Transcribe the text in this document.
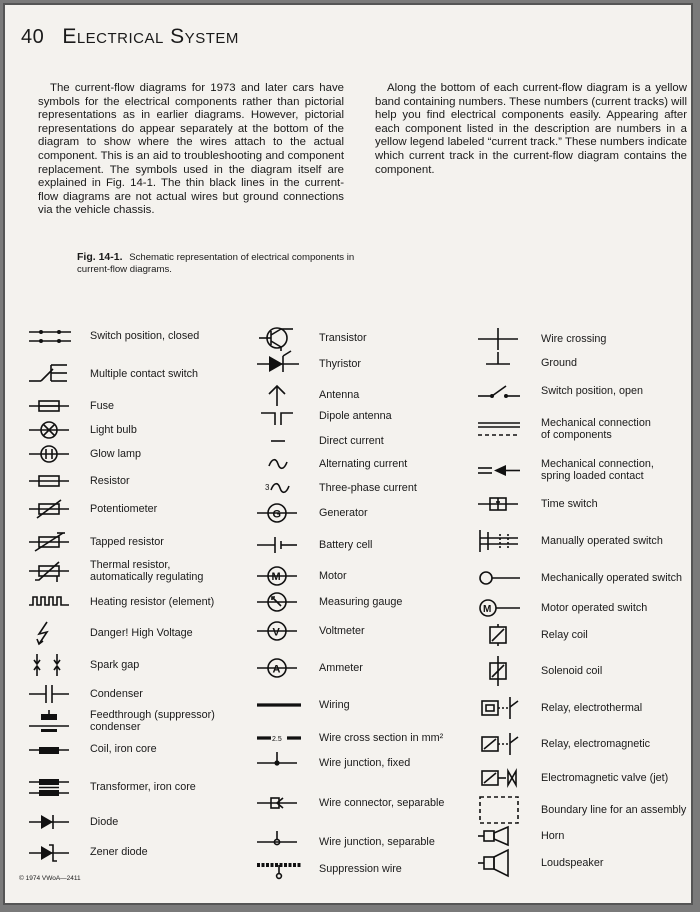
40 Electrical System

The current-flow diagrams for 1973 and later cars have symbols for the electrical components rather than pictorial representations as in earlier diagrams. However, pictorial representations do appear separately at the bottom of the diagram to show where the wires attach to the actual component. This is an aid to troubleshooting and component replacement. The symbols used in the diagram itself are explained in Fig. 14-1. The thin black lines in the current-flow diagrams are not actual wires but ground connections via the vehicle chassis.

Along the bottom of each current-flow diagram is a yellow band containing numbers. These numbers (current tracks) will help you find electrical components easily. Appearing after each component listed in the description are numbers in a yellow legend labeled “current track.” These numbers indicate which current track in the current-flow diagram contains the component.

Fig. 14-1. Schematic representation of electrical components in current-flow diagrams.
Switch position, closed
Multiple contact switch
Fuse
Light bulb
Glow lamp
Resistor
Potentiometer
Tapped resistor
Thermal resistor,
automatically regulating
Heating resistor (element)
Danger! High Voltage
Spark gap
Condenser
Feedthrough (suppressor)
condenser
Coil, iron core
Transformer, iron core
Diode
Zener diode
Transistor
Thyristor
Antenna
Dipole antenna
Direct current
Alternating current
3	Three-phase current
G	Generator
Battery cell
M	Motor
Measuring gauge
V	Voltmeter
A	Ammeter
Wiring
2.5	Wire cross section in mm²
Wire junction, fixed
Wire connector, separable
Wire junction, separable
Suppression wire
Wire crossing
Ground
Switch position, open
Mechanical connection
of components
Mechanical connection,
spring loaded contact
Time switch
Manually operated switch
Mechanically operated switch
M	Motor operated switch
Relay coil
Solenoid coil
Relay, electrothermal
Relay, electromagnetic
Electromagnetic valve (jet)
Boundary line for an assembly
Horn
Loudspeaker
© 1974 VWoA—2411
